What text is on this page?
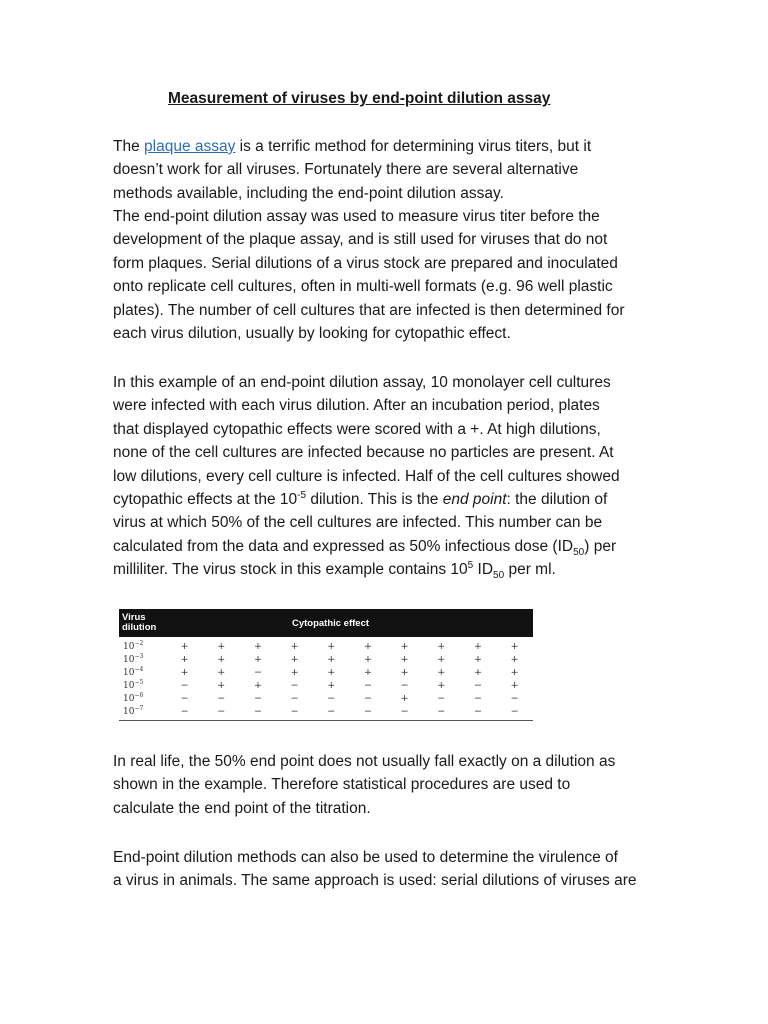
Measurement of viruses by end-point dilution assay

The plaque assay is a terrific method for determining virus titers, but it

doesn’t work for all viruses. Fortunately there are several alternative

methods available, including the end-point dilution assay.

The end-point dilution assay was used to measure virus titer before the

development of the plaque assay, and is still used for viruses that do not

form plaques. Serial dilutions of a virus stock are prepared and inoculated

onto replicate cell cultures, often in multi-well formats (e.g. 96 well plastic

plates). The number of cell cultures that are infected is then determined for

each virus dilution, usually by looking for cytopathic effect.

In this example of an end-point dilution assay, 10 monolayer cell cultures

were infected with each virus dilution. After an incubation period, plates

that displayed cytopathic effects were scored with a +. At high dilutions,

none of the cell cultures are infected because no particles are present. At

low dilutions, every cell culture is infected. Half of the cell cultures showed

cytopathic effects at the $10^{-5}$ dilution. This is the end point: the dilution of

virus at which 50% of the cell cultures are infected. This number can be

calculated from the data and expressed as 50% infectious dose $(ID_{50})$ per

milliliter. The virus stock in this example contains $10^5$ $ID_{50}$ per ml.

Virus
dilution	Cytopathic effect
$10^{-2}$	+	+	+	+	+	+	+	+	+	+
$10^{-3}$	+	+	+	+	+	+	+	+	+	+
$10^{-4}$	+	+	−	+	+	+	+	+	+	+
$10^{-5}$	−	+	+	−	+	−	−	+	−	+
$10^{-6}$	−	−	−	−	−	−	+	−	−	−
$10^{-7}$	−	−	−	−	−	−	−	−	−	−

In real life, the 50% end point does not usually fall exactly on a dilution as

shown in the example. Therefore statistical procedures are used to

calculate the end point of the titration.

End-point dilution methods can also be used to determine the virulence of

a virus in animals. The same approach is used: serial dilutions of viruses are
